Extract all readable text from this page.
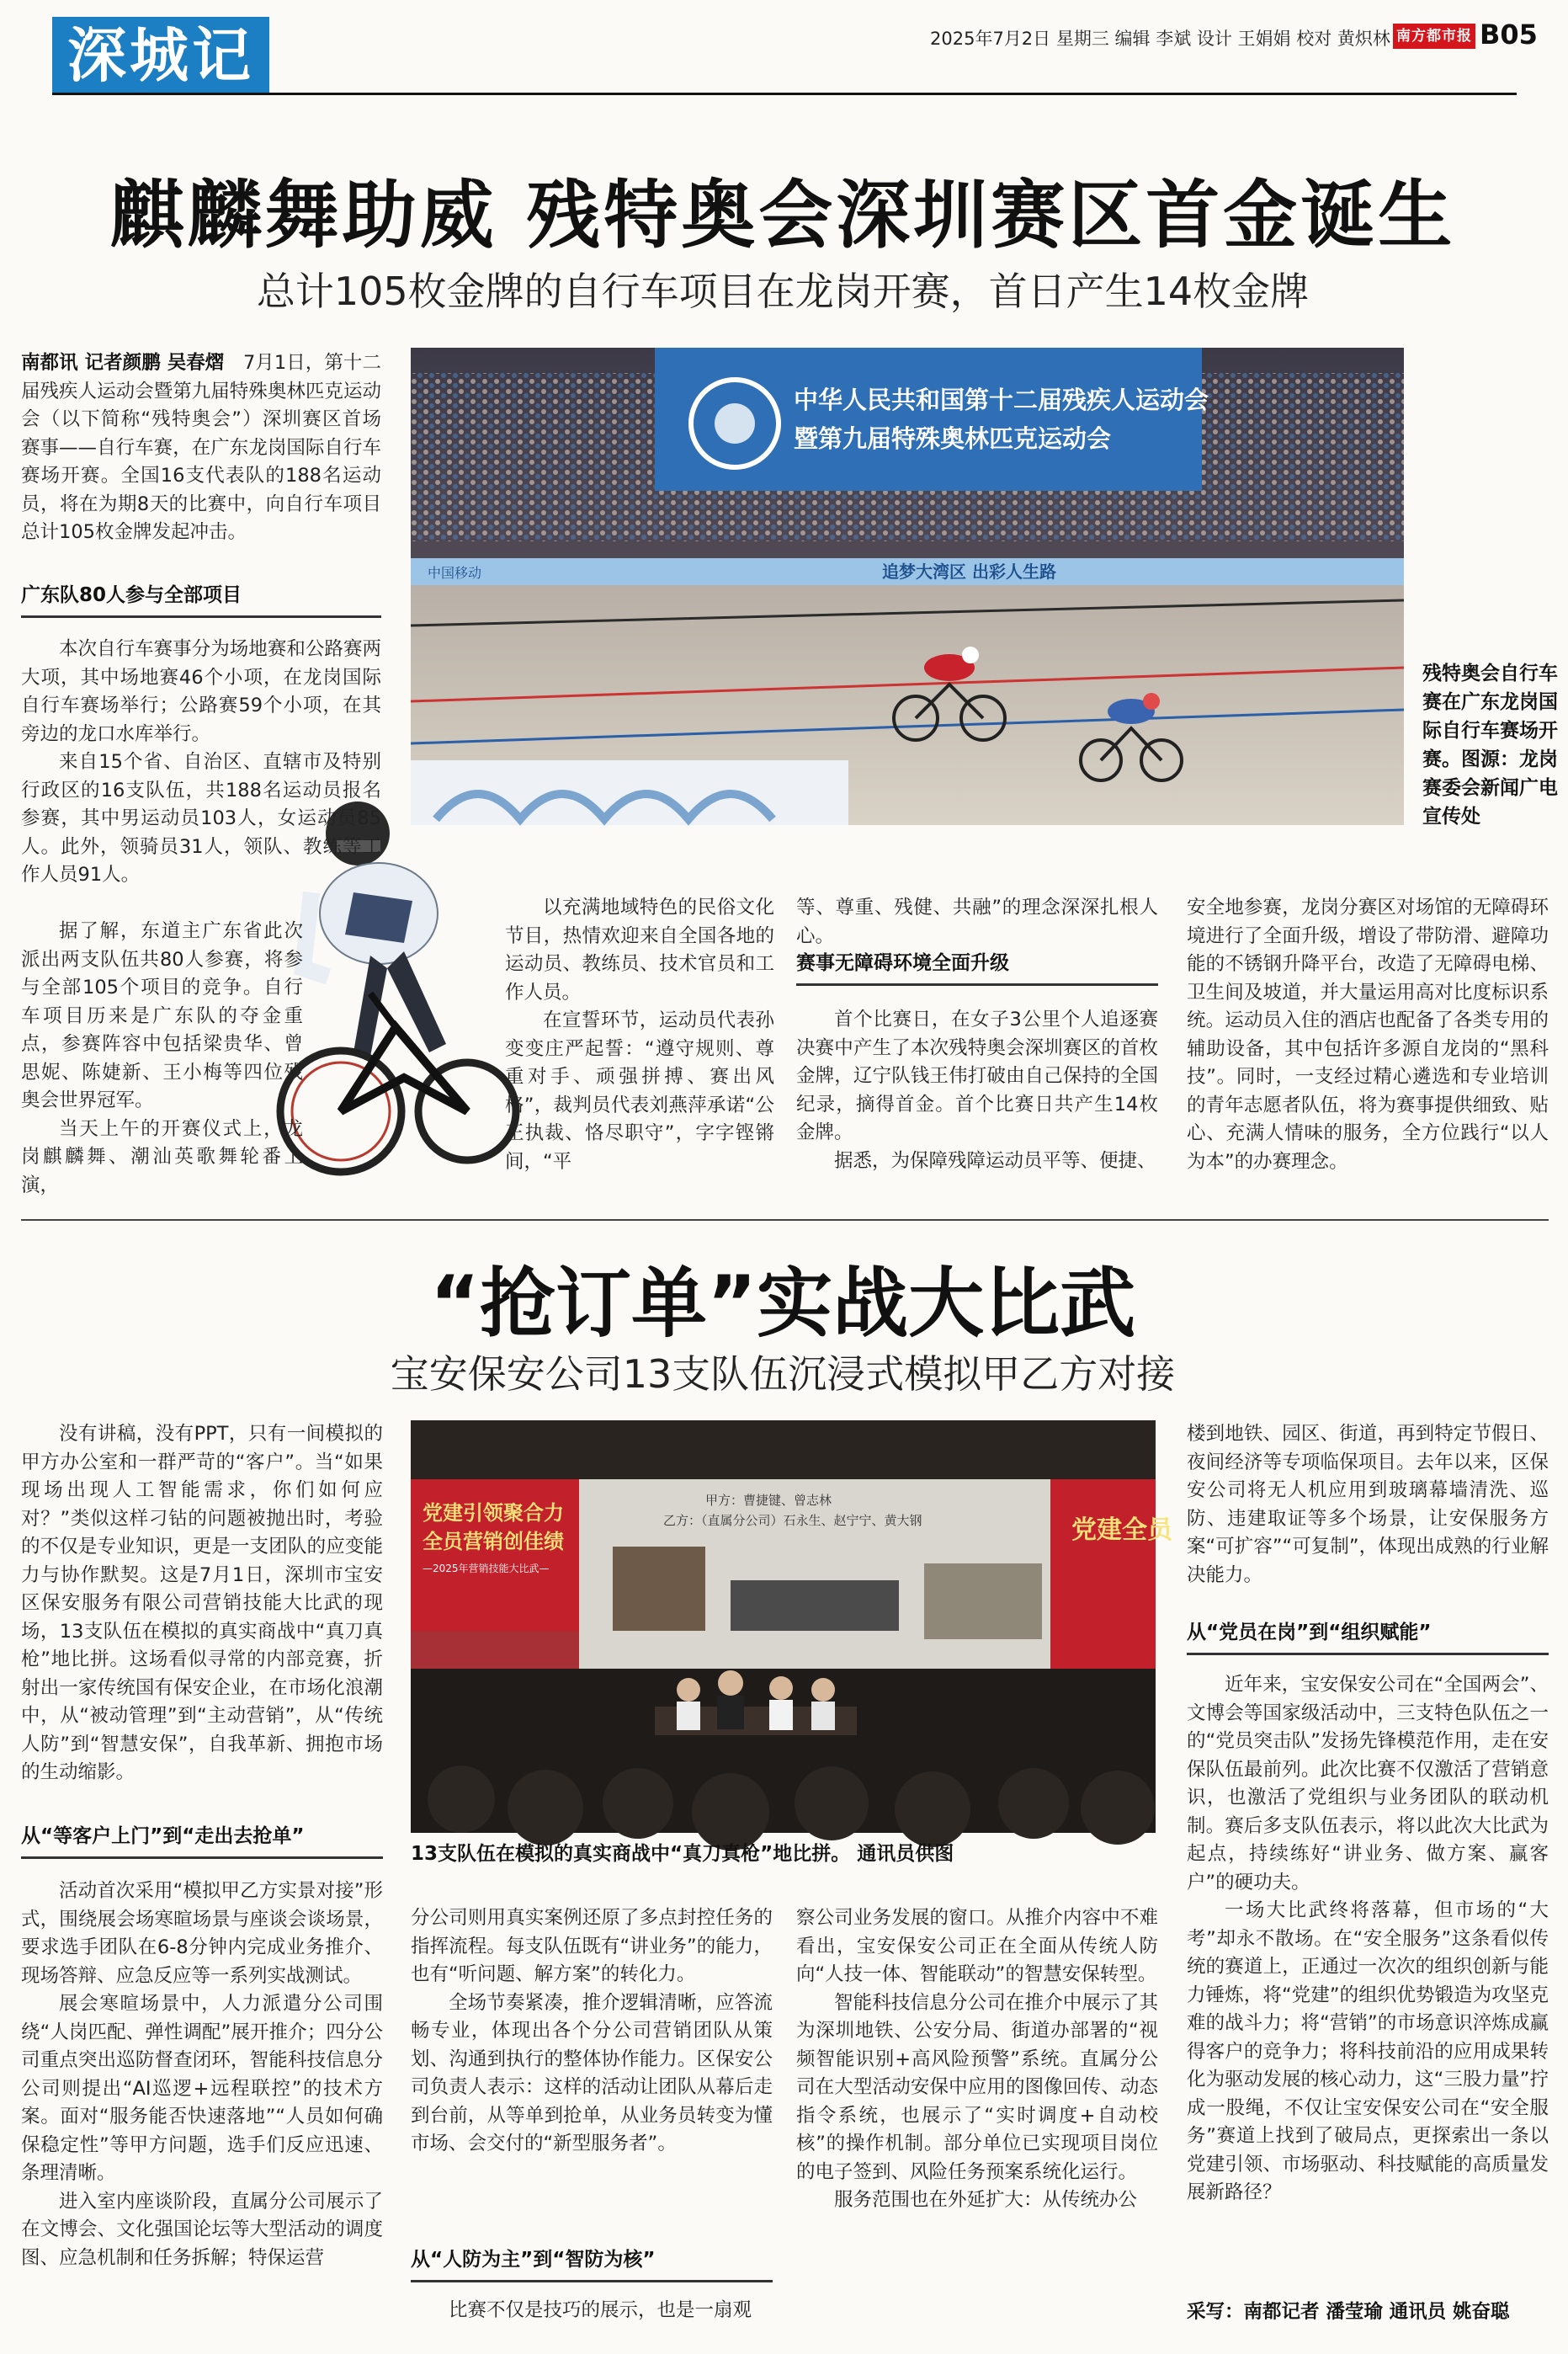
深城记	2025年7月2日 星期三 编辑 李斌 设计 王娟娟 校对 黄炽林 南方都市报 B05
麒麟舞助威 残特奥会深圳赛区首金诞生
总计105枚金牌的自行车项目在龙岗开赛，首日产生14枚金牌
中华人民共和国第十二届残疾人运动会
暨第九届特殊奥林匹克运动会
追梦大湾区 出彩人生路
中国移动

南都讯 记者颜鹏 吴春熠　 7月1日，第十二届残疾人运动会暨第九届特殊奥林匹克运动会（以下简称“残特奥会”）深圳赛区首场赛事——自行车赛，在广东龙岗国际自行车赛场开赛。全国16支代表队的188名运动员，将在为期8天的比赛中，向自行车项目总计105枚金牌发起冲击。

广东队80人参与全部项目

本次自行车赛事分为场地赛和公路赛两大项，其中场地赛46个小项，在龙岗国际自行车赛场举行；公路赛59个小项，在其旁边的龙口水库举行。

来自15个省、自治区、直辖市及特别行政区的16支队伍，共188名运动员报名参赛，其中男运动员103人，女运动员85人。此外，领骑员31人，领队、教练等工作人员91人。

据了解，东道主广东省此次派出两支队伍共80人参赛，将参与全部105个项目的竞争。自行车项目历来是广东队的夺金重点，参赛阵容中包括梁贵华、曾思妮、陈婕新、王小梅等四位残奥会世界冠军。

当天上午的开赛仪式上，龙岗麒麟舞、潮汕英歌舞轮番上演，

以充满地域特色的民俗文化节目，热情欢迎来自全国各地的运动员、教练员、技术官员和工作人员。

在宣誓环节，运动员代表孙变变庄严起誓：“遵守规则、尊重对手、顽强拼搏、赛出风格”，裁判员代表刘燕萍承诺“公正执裁、恪尽职守”，字字铿锵间，“平

等、尊重、残健、共融”的理念深深扎根人心。

赛事无障碍环境全面升级

首个比赛日，在女子3公里个人追逐赛决赛中产生了本次残特奥会深圳赛区的首枚金牌，辽宁队钱王伟打破由自己保持的全国纪录，摘得首金。首个比赛日共产生14枚金牌。

据悉，为保障残障运动员平等、便捷、

安全地参赛，龙岗分赛区对场馆的无障碍环境进行了全面升级，增设了带防滑、避障功能的不锈钢升降平台，改造了无障碍电梯、卫生间及坡道，并大量运用高对比度标识系统。运动员入住的酒店也配备了各类专用的辅助设备，其中包括许多源自龙岗的“黑科技”。同时，一支经过精心遴选和专业培训的青年志愿者队伍，将为赛事提供细致、贴心、充满人情味的服务，全方位践行“以人为本”的办赛理念。

残特奥会自行车赛在广东龙岗国际自行车赛场开赛。图源：龙岗赛委会新闻广电宣传处
“抢订单”实战大比武
宝安保安公司13支队伍沉浸式模拟甲乙方对接
党建引领聚合力
全员营销创佳绩
—2025年营销技能大比武—
甲方：曹捷键、曾志林
乙方：（直属分公司）石永生、赵宁宁、黄大钢	党建全员
13支队伍在模拟的真实商战中“真刀真枪”地比拼。 通讯员供图

没有讲稿，没有PPT，只有一间模拟的甲方办公室和一群严苛的“客户”。当“如果现场出现人工智能需求，你们如何应对？”类似这样刁钻的问题被抛出时，考验的不仅是专业知识，更是一支团队的应变能力与协作默契。这是7月1日，深圳市宝安区保安服务有限公司营销技能大比武的现场，13支队伍在模拟的真实商战中“真刀真枪”地比拼。这场看似寻常的内部竞赛，折射出一家传统国有保安企业，在市场化浪潮中，从“被动管理”到“主动营销”，从“传统人防”到“智慧安保”，自我革新、拥抱市场的生动缩影。

从“等客户上门”到“走出去抢单”

活动首次采用“模拟甲乙方实景对接”形式，围绕展会场寒暄场景与座谈会谈场景，要求选手团队在6-8分钟内完成业务推介、现场答辩、应急反应等一系列实战测试。

展会寒暄场景中，人力派遣分公司围绕“人岗匹配、弹性调配”展开推介；四分公司重点突出巡防督查闭环，智能科技信息分公司则提出“AI巡逻+远程联控”的技术方案。面对“服务能否快速落地”“人员如何确保稳定性”等甲方问题，选手们反应迅速、条理清晰。

进入室内座谈阶段，直属分公司展示了在文博会、文化强国论坛等大型活动的调度图、应急机制和任务拆解；特保运营

分公司则用真实案例还原了多点封控任务的指挥流程。每支队伍既有“讲业务”的能力，也有“听问题、解方案”的转化力。

全场节奏紧凑，推介逻辑清晰，应答流畅专业，体现出各个分公司营销团队从策划、沟通到执行的整体协作能力。区保安公司负责人表示：这样的活动让团队从幕后走到台前，从等单到抢单，从业务员转变为懂市场、会交付的“新型服务者”。

从“人防为主”到“智防为核”

比赛不仅是技巧的展示，也是一扇观

察公司业务发展的窗口。从推介内容中不难看出，宝安保安公司正在全面从传统人防向“人技一体、智能联动”的智慧安保转型。

智能科技信息分公司在推介中展示了其为深圳地铁、公安分局、街道办部署的“视频智能识别+高风险预警”系统。直属分公司在大型活动安保中应用的图像回传、动态指令系统，也展示了“实时调度+自动校核”的操作机制。部分单位已实现项目岗位的电子签到、风险任务预案系统化运行。

服务范围也在外延扩大：从传统办公

楼到地铁、园区、街道，再到特定节假日、夜间经济等专项临保项目。去年以来，区保安公司将无人机应用到玻璃幕墙清洗、巡防、违建取证等多个场景，让安保服务方案“可扩容”“可复制”，体现出成熟的行业解决能力。

从“党员在岗”到“组织赋能”

近年来，宝安保安公司在“全国两会”、文博会等国家级活动中，三支特色队伍之一的“党员突击队”发扬先锋模范作用，走在安保队伍最前列。此次比赛不仅激活了营销意识，也激活了党组织与业务团队的联动机制。赛后多支队伍表示，将以此次大比武为起点，持续练好“讲业务、做方案、赢客户”的硬功夫。

一场大比武终将落幕，但市场的“大考”却永不散场。在“安全服务”这条看似传统的赛道上，正通过一次次的组织创新与能力锤炼，将“党建”的组织优势锻造为攻坚克难的战斗力；将“营销”的市场意识淬炼成赢得客户的竞争力；将科技前沿的应用成果转化为驱动发展的核心动力，这“三股力量”拧成一股绳，不仅让宝安保安公司在“安全服务”赛道上找到了破局点，更探索出一条以党建引领、市场驱动、科技赋能的高质量发展新路径？

采写：南都记者 潘莹瑜 通讯员 姚奋聪
